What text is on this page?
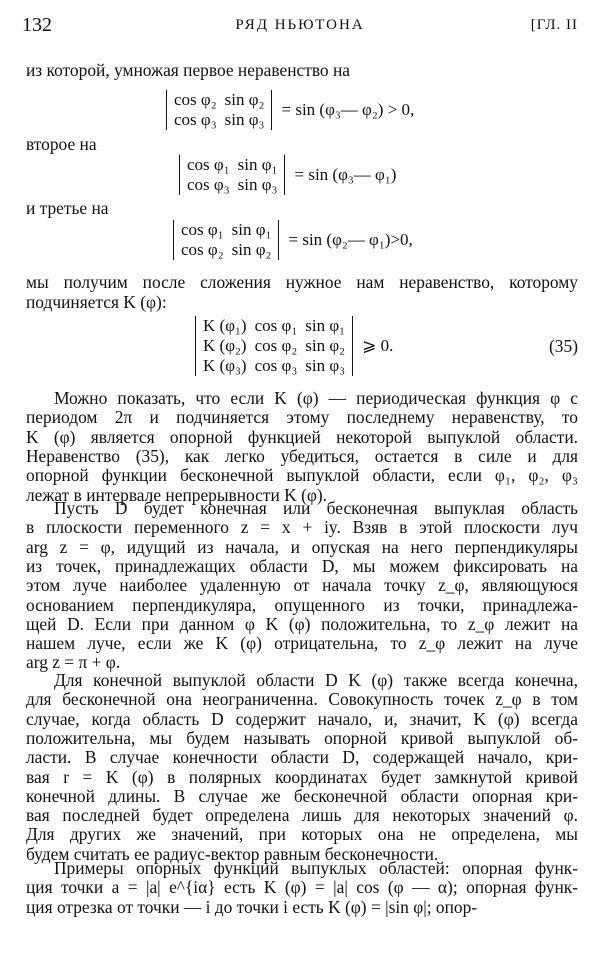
132	РЯД НЬЮТОНА	[ГЛ. II
из которой, умножая первое неравенство на
cos φ₂	sin φ₂
cos φ₃	sin φ₃
= sin (φ₃— φ₂) > 0,
второе на
cos φ₁	sin φ₁
cos φ₃	sin φ₃
= sin (φ₃— φ₁)
и третье на
cos φ₁	sin φ₁
cos φ₂	sin φ₂
= sin (φ₂— φ₁)>0,
мы получим после сложения нужное нам неравенство, которому
подчиняется K (φ):
K (φ₁)	cos φ₁	sin φ₁
K (φ₂)	cos φ₂	sin φ₂
K (φ₃)	cos φ₃	sin φ₃
⩾ 0.	(35)
Можно показать, что если K (φ) — периодическая функция φ с
периодом 2π и подчиняется этому последнему неравенству, то
K (φ) является опорной функцией некоторой выпуклой области.
Неравенство (35), как легко убедиться, остается в силе и для
опорной функции бесконечной выпуклой области, если φ₁, φ₂, φ₃
лежат в интервале непрерывности K (φ).
Пусть D будет конечная или бесконечная выпуклая область
в плоскости переменного z = x + iy. Взяв в этой плоскости луч
arg z = φ, идущий из начала, и опуская на него перпендикуляры
из точек, принадлежащих области D, мы можем фиксировать на
этом луче наиболее удаленную от начала точку z_φ, являющуюся
основанием перпендикуляра, опущенного из точки, принадлежа-
щей D. Если при данном φ K (φ) положительна, то z_φ лежит на
нашем луче, если же K (φ) отрицательна, то z_φ лежит на луче
arg z = π + φ.
Для конечной выпуклой области D K (φ) также всегда конечна,
для бесконечной она неограниченна. Совокупность точек z_φ в том
случае, когда область D содержит начало, и, значит, K (φ) всегда
положительна, мы будем называть опорной кривой выпуклой об-
ласти. В случае конечности области D, содержащей начало, кри-
вая r = K (φ) в полярных координатах будет замкнутой кривой
конечной длины. В случае же бесконечной области опорная кри-
вая последней будет определена лишь для некоторых значений φ.
Для других же значений, при которых она не определена, мы
будем считать ее радиус-вектор равным бесконечности.
Примеры опорных функций выпуклых областей: опорная функ-
ция точки a = |a| e^{iα} есть K (φ) = |a| cos (φ — α); опорная функ-
ция отрезка от точки — i до точки i есть K (φ) = |sin φ|; опор-
